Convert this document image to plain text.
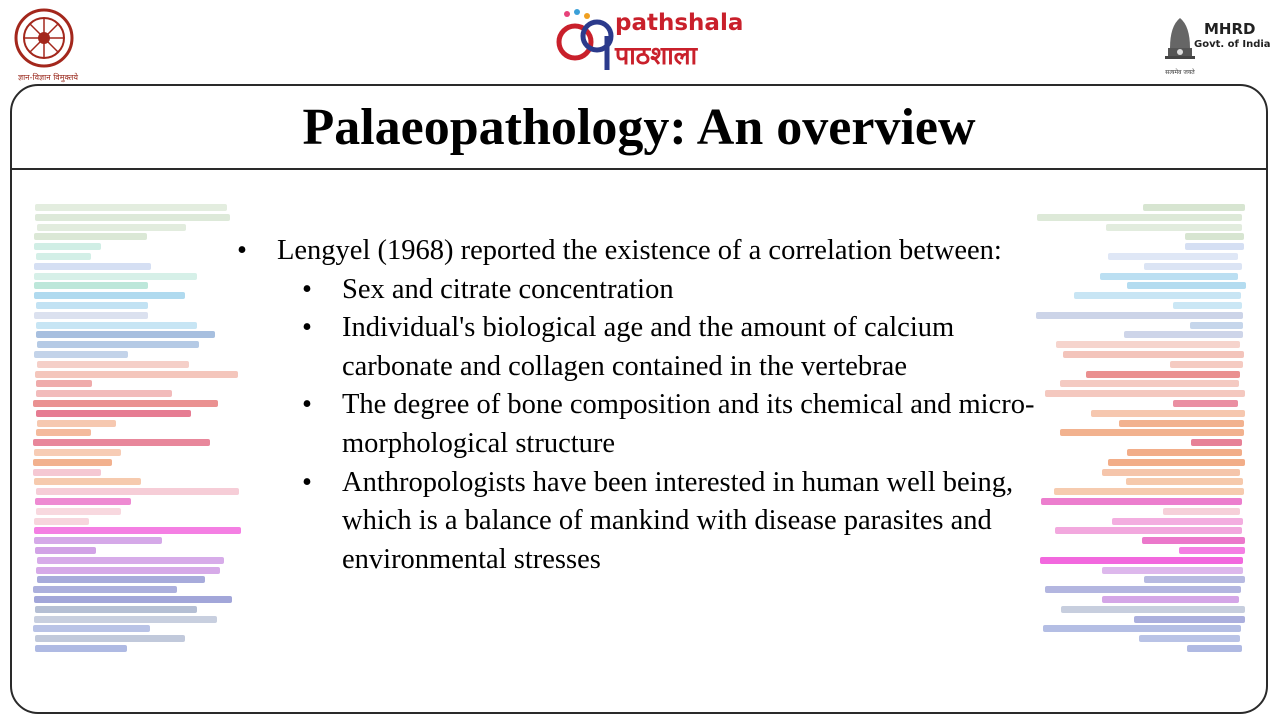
ज्ञान-विज्ञान विमुक्तये
pathshala
पाठशाला
MHRD
Govt. of India
सत्यमेव जयते
Palaeopathology: An overview
• Lengyel (1968) reported the existence of a correlation between:
• Sex and citrate concentration
• Individual's biological age and the amount of calcium carbonate and collagen contained in the vertebrae
• The degree of bone composition and its chemical and micro- morphological structure
• Anthropologists have been interested in human well being, which is a balance of mankind with disease parasites and environmental stresses
